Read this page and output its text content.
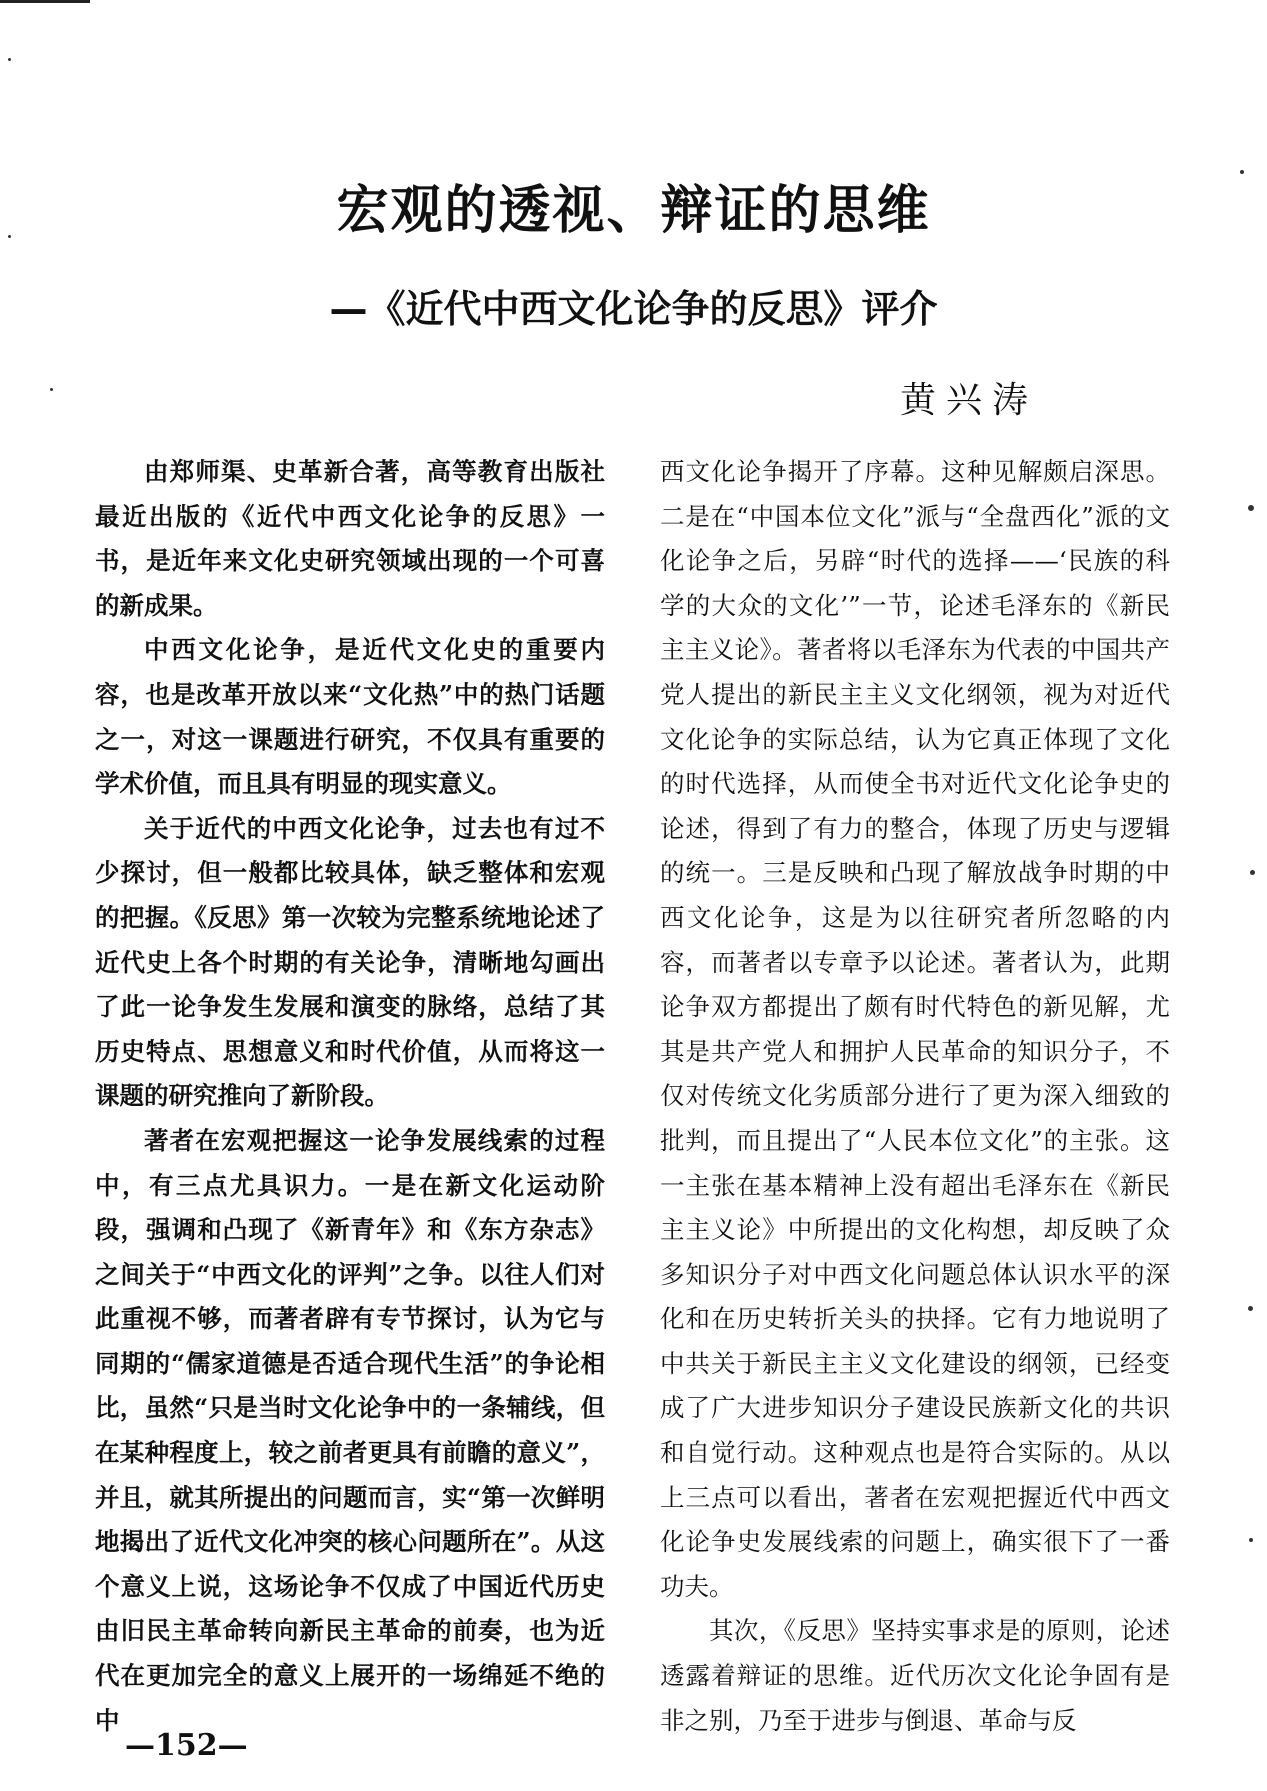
宏观的透视、辩证的思维
—《近代中西文化论争的反思》评介
黄兴涛

由郑师渠、史革新合著，高等教育出版社最近出版的《近代中西文化论争的反思》一书，是近年来文化史研究领域出现的一个可喜的新成果。

中西文化论争，是近代文化史的重要内容，也是改革开放以来“文化热”中的热门话题之一，对这一课题进行研究，不仅具有重要的学术价值，而且具有明显的现实意义。

关于近代的中西文化论争，过去也有过不少探讨，但一般都比较具体，缺乏整体和宏观的把握。《反思》第一次较为完整系统地论述了近代史上各个时期的有关论争，清晰地勾画出了此一论争发生发展和演变的脉络，总结了其历史特点、思想意义和时代价值，从而将这一课题的研究推向了新阶段。

著者在宏观把握这一论争发展线索的过程中，有三点尤具识力。一是在新文化运动阶段，强调和凸现了《新青年》和《东方杂志》之间关于“中西文化的评判”之争。以往人们对此重视不够，而著者辟有专节探讨，认为它与同期的“儒家道德是否适合现代生活”的争论相比，虽然“只是当时文化论争中的一条辅线，但在某种程度上，较之前者更具有前瞻的意义”，并且，就其所提出的问题而言，实“第一次鲜明地揭出了近代文化冲突的核心问题所在”。从这个意义上说，这场论争不仅成了中国近代历史由旧民主革命转向新民主革命的前奏，也为近代在更加完全的意义上展开的一场绵延不绝的中

西文化论争揭开了序幕。这种见解颇启深思。二是在“中国本位文化”派与“全盘西化”派的文化论争之后，另辟“时代的选择——‘民族的科学的大众的文化’”一节，论述毛泽东的《新民主主义论》。著者将以毛泽东为代表的中国共产党人提出的新民主主义文化纲领，视为对近代文化论争的实际总结，认为它真正体现了文化的时代选择，从而使全书对近代文化论争史的论述，得到了有力的整合，体现了历史与逻辑的统一。三是反映和凸现了解放战争时期的中西文化论争，这是为以往研究者所忽略的内容，而著者以专章予以论述。著者认为，此期论争双方都提出了颇有时代特色的新见解，尤其是共产党人和拥护人民革命的知识分子，不仅对传统文化劣质部分进行了更为深入细致的批判，而且提出了“人民本位文化”的主张。这一主张在基本精神上没有超出毛泽东在《新民主主义论》中所提出的文化构想，却反映了众多知识分子对中西文化问题总体认识水平的深化和在历史转折关头的抉择。它有力地说明了中共关于新民主主义文化建设的纲领，已经变成了广大进步知识分子建设民族新文化的共识和自觉行动。这种观点也是符合实际的。从以上三点可以看出，著者在宏观把握近代中西文化论争史发展线索的问题上，确实很下了一番功夫。

其次，《反思》坚持实事求是的原则，论述透露着辩证的思维。近代历次文化论争固有是非之别，乃至于进步与倒退、革命与反

—152—
